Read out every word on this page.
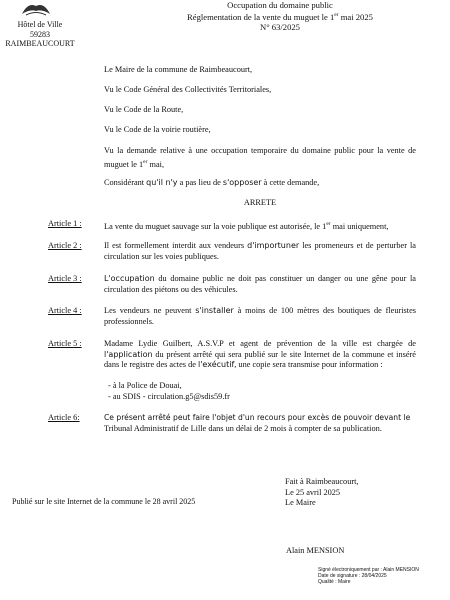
Hôtel de Ville
59283 RAIMBEAUCOURT
Occupation du domaine public
Réglementation de la vente du muguet le 1er mai 2025
N° 63/2025
Le Maire de la commune de Raimbeaucourt,
Vu le Code Général des Collectivités Territoriales,
Vu le Code de la Route,
Vu le Code de la voirie routière,
Vu la demande relative à une occupation temporaire du domaine public pour la vente de muguet le 1er mai,
Considérant qu'il n'y a pas lieu de s'opposer à cette demande,
ARRETE
Article 1 :	La vente du muguet sauvage sur la voie publique est autorisée, le 1er mai uniquement,
Article 2 :	Il est formellement interdit aux vendeurs d'importuner les promeneurs et de perturber la circulation sur les voies publiques.
Article 3 :	L'occupation du domaine public ne doit pas constituer un danger ou une gêne pour la circulation des piétons ou des véhicules.
Article 4 :	Les vendeurs ne peuvent s'installer à moins de 100 mètres des boutiques de fleuristes professionnels.
Article 5 :	Madame Lydie Guilbert, A.S.V.P et agent de prévention de la ville est chargée de l'application du présent arrêté qui sera publié sur le site Internet de la commune et inséré dans le registre des actes de l'exécutif, une copie sera transmise pour information :
- à la Police de Douai,
- au SDIS - circulation.g5@sdis59.fr
Article 6:	Ce présent arrêté peut faire l'objet d'un recours pour excès de pouvoir devant le
Tribunal Administratif de Lille dans un délai de 2 mois à compter de sa publication.
Fait à Raimbeaucourt,
Le 25 avril 2025
Le Maire
Publié sur le site Internet de la commune le 28 avril 2025
Alain MENSION
Signé électroniquement par : Alain MENSION
Date de signature : 28/04/2025
Qualité : Maire
